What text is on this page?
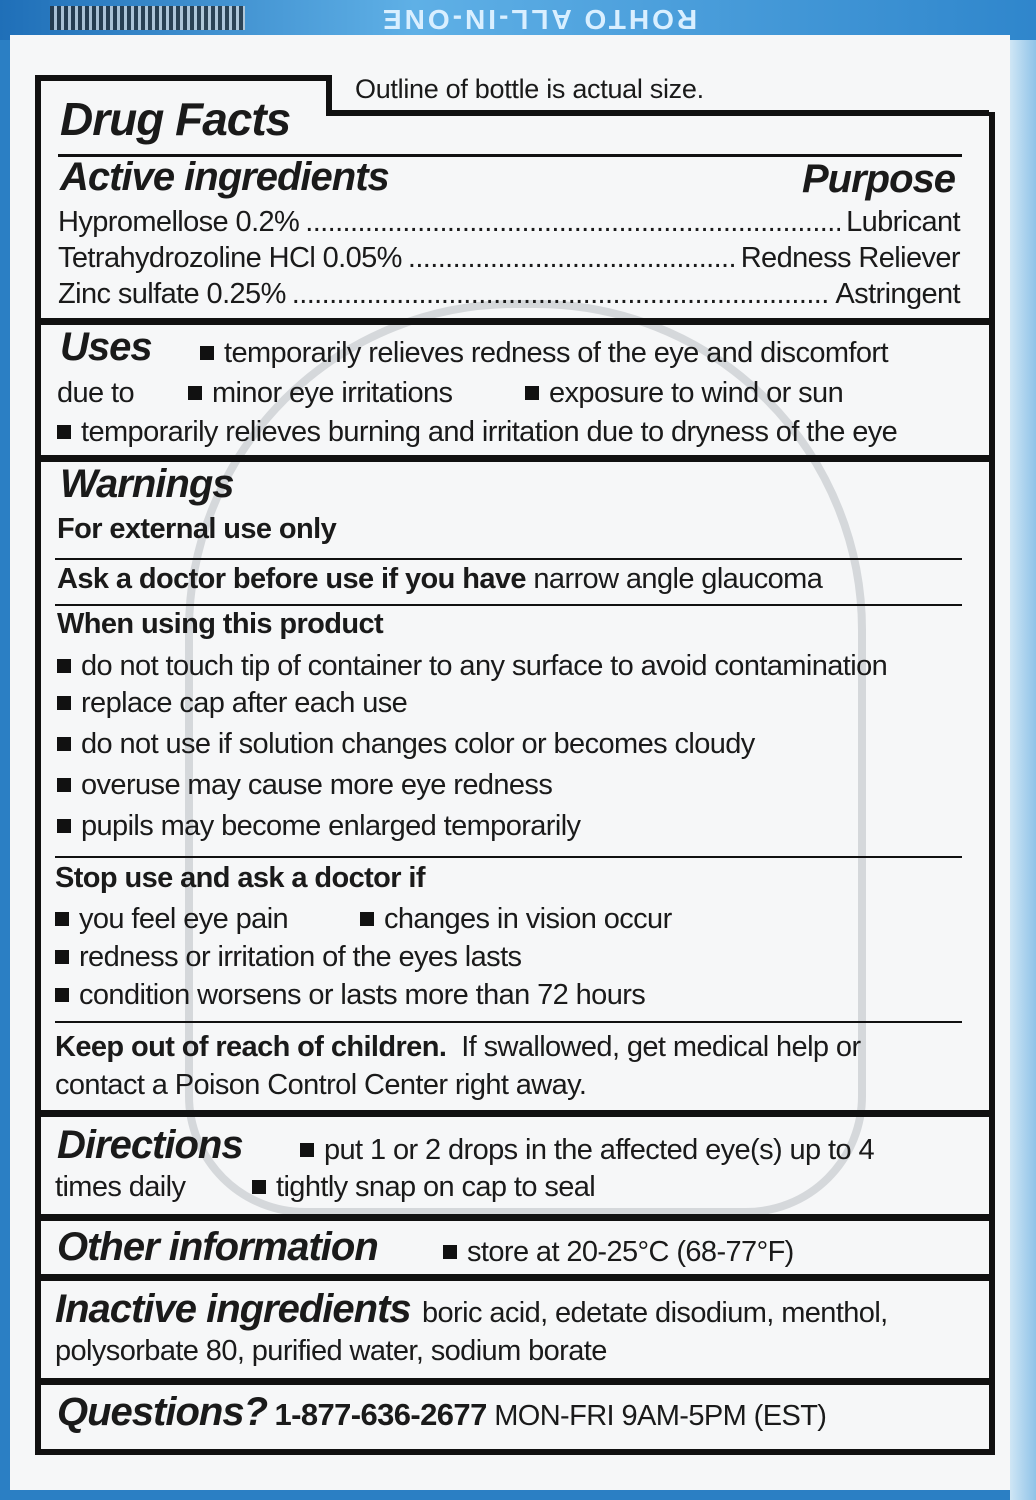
ROHTO ALL-IN-ONE
Outline of bottle is actual size.
Drug Facts
Active ingredients	Purpose
Hypromellose 0.2% .....	Lubricant
Tetrahydrozoline HCl 0.05% .....	Redness Reliever
Zinc sulfate 0.25% .....	Astringent
Uses	temporarily relieves redness of the eye and discomfort
due to	minor eye irritations	exposure to wind or sun
temporarily relieves burning and irritation due to dryness of the eye
Warnings
For external use only
Ask a doctor before use if you have narrow angle glaucoma
When using this product
do not touch tip of container to any surface to avoid contamination
replace cap after each use
do not use if solution changes color or becomes cloudy
overuse may cause more eye redness
pupils may become enlarged temporarily
Stop use and ask a doctor if
you feel eye pain	changes in vision occur
redness or irritation of the eyes lasts
condition worsens or lasts more than 72 hours
Keep out of reach of children. If swallowed, get medical help or
contact a Poison Control Center right away.
Directions	put 1 or 2 drops in the affected eye(s) up to 4
times daily	tightly snap on cap to seal
Other information	store at 20-25°C (68-77°F)
Inactive ingredients boric acid, edetate disodium, menthol,
polysorbate 80, purified water, sodium borate
Questions? 1-877-636-2677 MON-FRI 9AM-5PM (EST)
